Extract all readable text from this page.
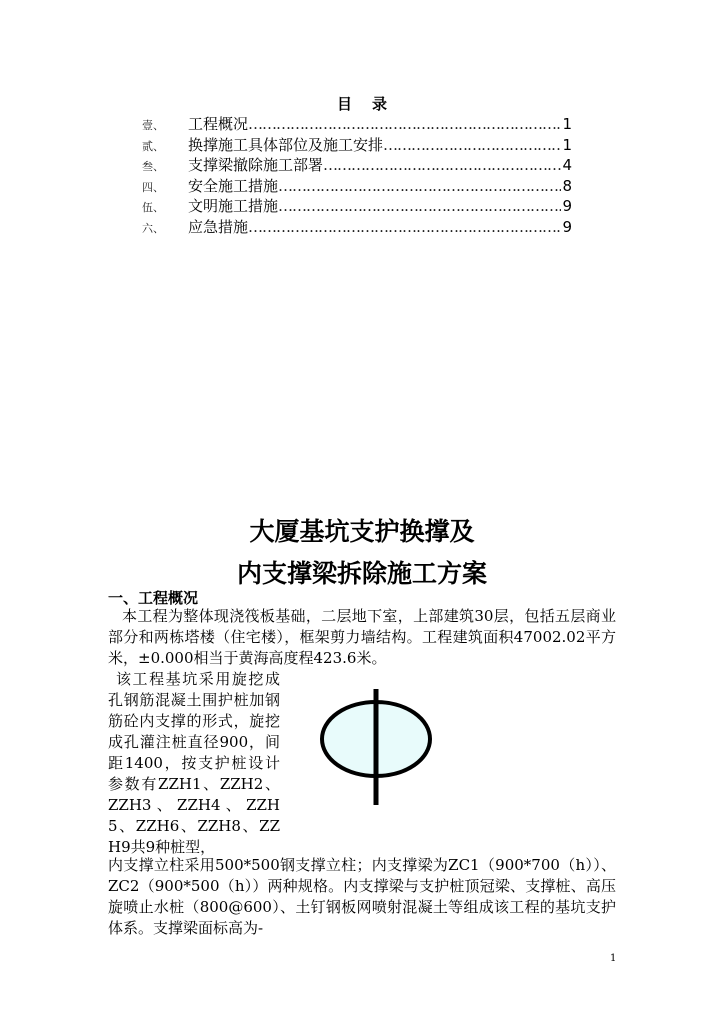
目 录
壹、	工程概况 …………………………………………………………………………………………………………………………………………………………	1
贰、	换撑施工具体部位及施工安排 …………………………………………………………………………………………………………………………………………………………	1
叁、	支撑梁撤除施工部署 …………………………………………………………………………………………………………………………………………………………	4
四、	安全施工措施 …………………………………………………………………………………………………………………………………………………………	8
伍、	文明施工措施 …………………………………………………………………………………………………………………………………………………………	9
六、	应急措施 …………………………………………………………………………………………………………………………………………………………	9
大厦基坑支护换撑及
内支撑梁拆除施工方案
一、工程概况
本工程为整体现浇筏板基础，二层地下室，上部建筑30层，包括五层商业部分和两栋塔楼（住宅楼），框架剪力墙结构。工程建筑面积47002.02平方米，±0.000相当于黄海高度程423.6米。
该工程基坑采用旋挖成孔钢筋混凝土围护桩加钢筋砼内支撑的形式，旋挖成孔灌注桩直径900，间距1400，按支护桩设计参数有ZZH1、ZZH2、ZZH3、ZZH4、ZZH5、ZZH6、ZZH8、ZZH9共9种桩型，
内支撑立柱采用500*500钢支撑立柱；内支撑梁为ZC1（900*700（h））、ZC2（900*500（h））两种规格。内支撑梁与支护桩顶冠梁、支撑桩、高压旋喷止水桩（800@600）、土钉钢板网喷射混凝土等组成该工程的基坑支护体系。支撑梁面标高为-
1
